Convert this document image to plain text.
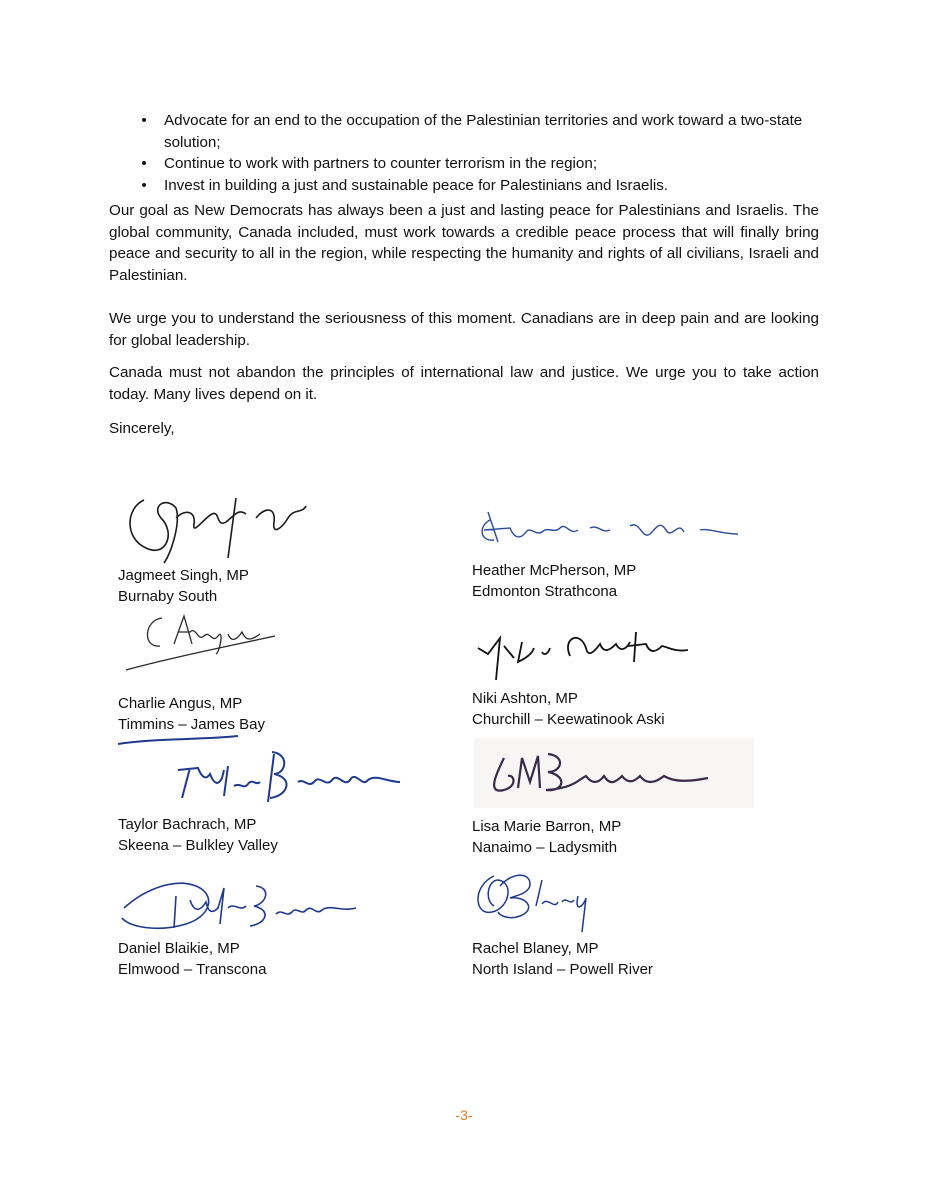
• Advocate for an end to the occupation of the Palestinian territories and work toward a two-state solution;
• Continue to work with partners to counter terrorism in the region;
• Invest in building a just and sustainable peace for Palestinians and Israelis.

Our goal as New Democrats has always been a just and lasting peace for Palestinians and Israelis. The global community, Canada included, must work towards a credible peace process that will finally bring peace and security to all in the region, while respecting the humanity and rights of all civilians, Israeli and Palestinian.

We urge you to understand the seriousness of this moment. Canadians are in deep pain and are looking for global leadership.

Canada must not abandon the principles of international law and justice. We urge you to take action today. Many lives depend on it.

Sincerely,

Jagmeet Singh, MP
Burnaby South
Heather McPherson, MP
Edmonton Strathcona
Charlie Angus, MP
Timmins – James Bay
Niki Ashton, MP
Churchill – Keewatinook Aski
Taylor Bachrach, MP
Skeena – Bulkley Valley
Lisa Marie Barron, MP
Nanaimo – Ladysmith
Daniel Blaikie, MP
Elmwood – Transcona
Rachel Blaney, MP
North Island – Powell River
-3-
